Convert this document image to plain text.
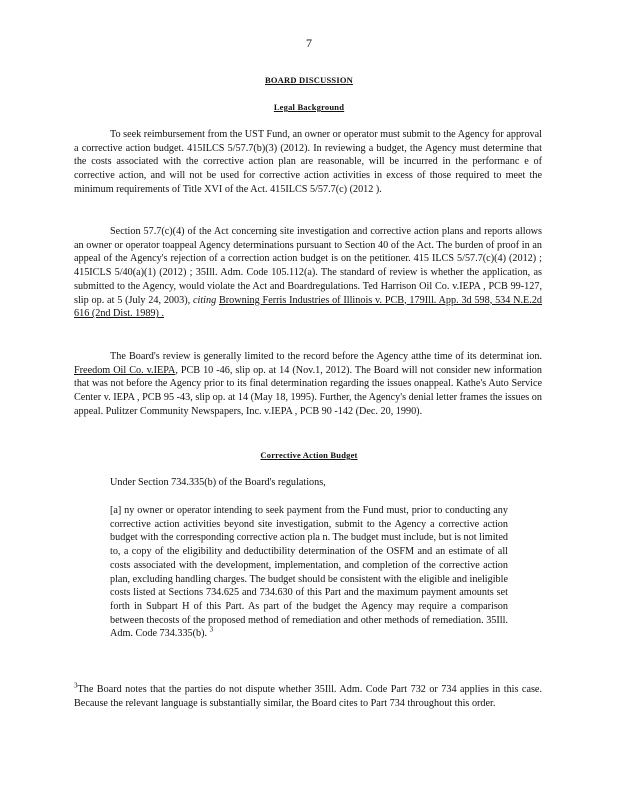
7
BOARD DISCUSSION
Legal Background
To seek reimbursement from the UST Fund, an owner or operator must submit to the Agency for approval a corrective action budget. 415ILCS 5/57.7(b)(3) (2012). In reviewing a budget, the Agency must determine that the costs associated with the corrective action plan are reasonable, will be incurred in the performanc e of corrective action, and will not be used for corrective action activities in excess of those required to meet the minimum requirements of Title XVI of the Act. 415ILCS 5/57.7(c) (2012 ).
Section 57.7(c)(4) of the Act concerning site investigation and corrective action plans and reports allows an owner or operator toappeal Agency determinations pursuant to Section 40 of the Act. The burden of proof in an appeal of the Agency's rejection of a correction action budget is on the petitioner. 415 ILCS 5/57.7(c)(4) (2012) ; 415ICLS 5/40(a)(1) (2012) ; 35Ill. Adm. Code 105.112(a). The standard of review is whether the application, as submitted to the Agency, would violate the Act and Boardregulations. Ted Harrison Oil Co. v.IEPA , PCB 99-127, slip op. at 5 (July 24, 2003), citing Browning Ferris Industries of Illinois v. PCB, 179Ill. App. 3d 598, 534 N.E.2d 616 (2nd Dist. 1989) .
The Board's review is generally limited to the record before the Agency atthe time of its determinat ion. Freedom Oil Co. v.IEPA, PCB 10 -46, slip op. at 14 (Nov.1, 2012). The Board will not consider new information that was not before the Agency prior to its final determination regarding the issues onappeal. Kathe's Auto Service Center v. IEPA , PCB 95 -43, slip op. at 14 (May 18, 1995). Further, the Agency's denial letter frames the issues on appeal. Pulitzer Community Newspapers, Inc. v.IEPA , PCB 90 -142 (Dec. 20, 1990).
Corrective Action Budget
Under Section 734.335(b) of the Board's regulations,
[a] ny owner or operator intending to seek payment from the Fund must, prior to conducting any corrective action activities beyond site investigation, submit to the Agency a corrective action budget with the corresponding corrective action pla n. The budget must include, but is not limited to, a copy of the eligibility and deductibility determination of the OSFM and an estimate of all costs associated with the development, implementation, and completion of the corrective action plan, excluding handling charges. The budget should be consistent with the eligible and ineligible costs listed at Sections 734.625 and 734.630 of this Part and the maximum payment amounts set forth in Subpart H of this Part. As part of the budget the Agency may require a comparison between thecosts of the proposed method of remediation and other methods of remediation. 35Ill. Adm. Code 734.335(b). $^3$
$^3$The Board notes that the parties do not dispute whether 35Ill. Adm. Code Part 732 or 734 applies in this case. Because the relevant language is substantially similar, the Board cites to Part 734 throughout this order.
